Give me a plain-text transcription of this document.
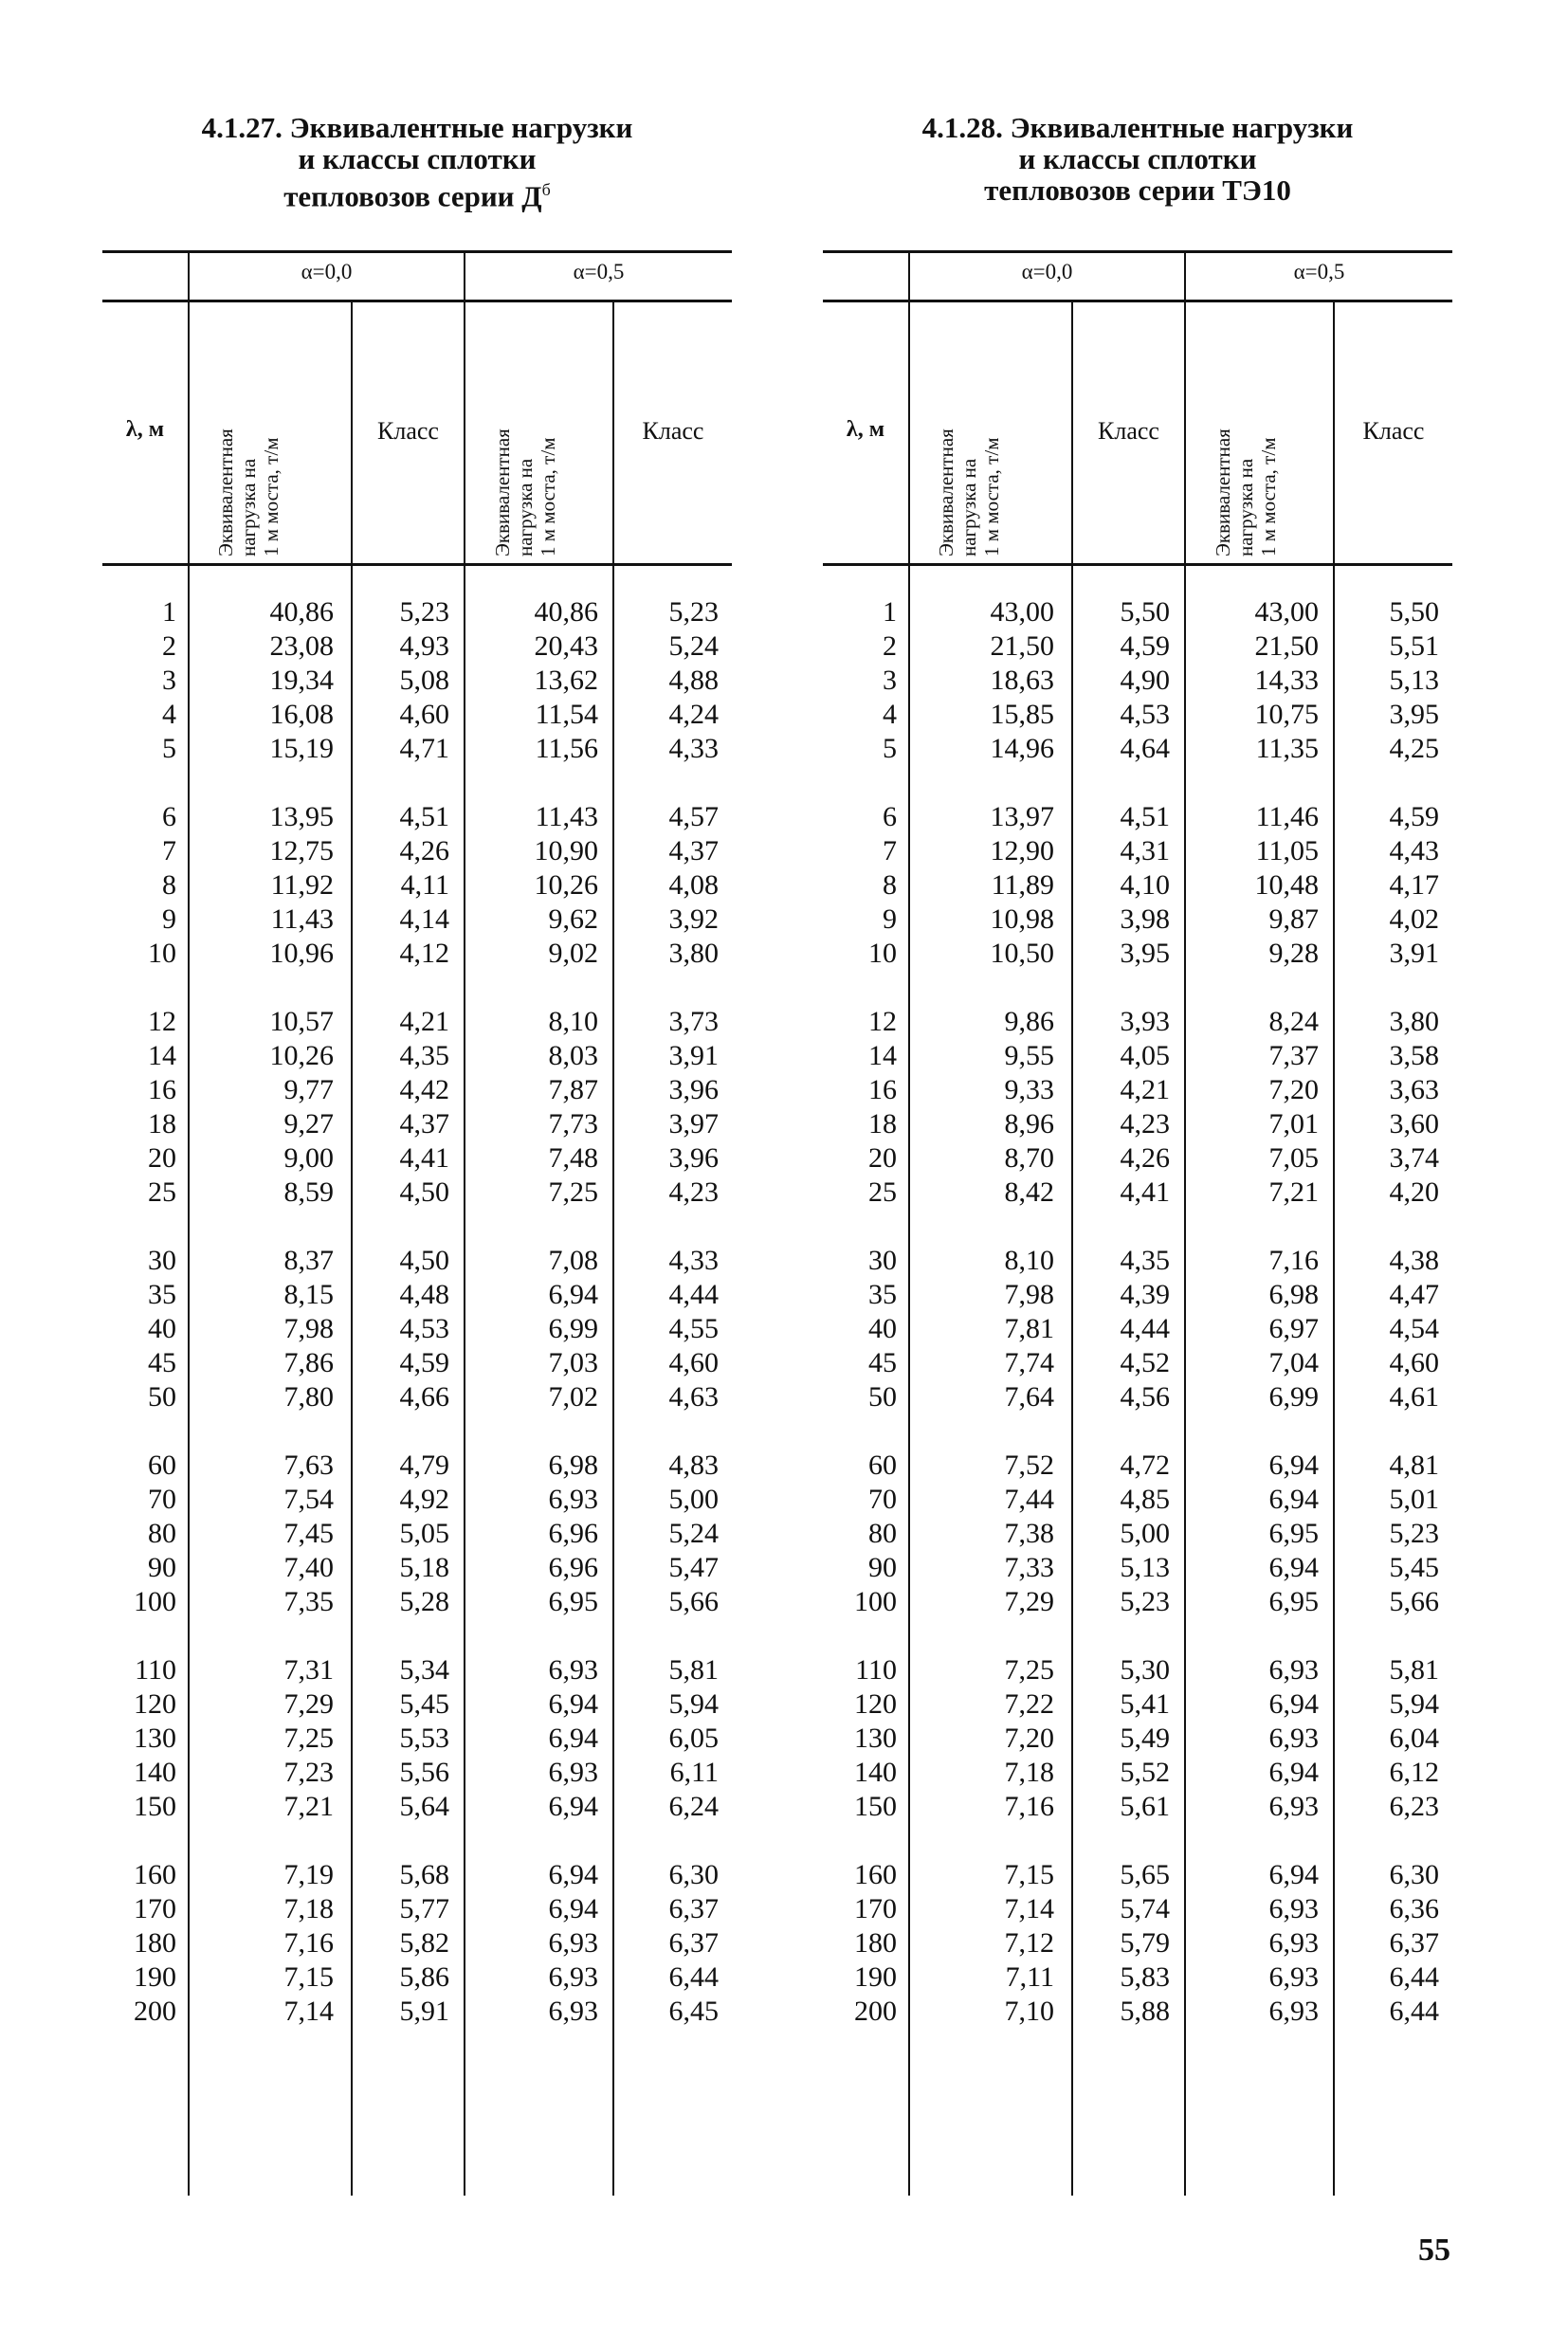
4.1.27. Эквивалентные нагрузки
и классы сплотки
тепловозов серии $Д^б$
α=0,0	α=0,5
λ, м	Эквивалентная нагрузка на 1 м моста, т/м	Эквивалентная нагрузка на 1 м моста, т/м
Класс	Класс
1	40,86	5,23	40,86	5,23
2	23,08	4,93	20,43	5,24
3	19,34	5,08	13,62	4,88
4	16,08	4,60	11,54	4,24
5	15,19	4,71	11,56	4,33
6	13,95	4,51	11,43	4,57
7	12,75	4,26	10,90	4,37
8	11,92	4,11	10,26	4,08
9	11,43	4,14	9,62	3,92
10	10,96	4,12	9,02	3,80
12	10,57	4,21	8,10	3,73
14	10,26	4,35	8,03	3,91
16	9,77	4,42	7,87	3,96
18	9,27	4,37	7,73	3,97
20	9,00	4,41	7,48	3,96
25	8,59	4,50	7,25	4,23
30	8,37	4,50	7,08	4,33
35	8,15	4,48	6,94	4,44
40	7,98	4,53	6,99	4,55
45	7,86	4,59	7,03	4,60
50	7,80	4,66	7,02	4,63
60	7,63	4,79	6,98	4,83
70	7,54	4,92	6,93	5,00
80	7,45	5,05	6,96	5,24
90	7,40	5,18	6,96	5,47
100	7,35	5,28	6,95	5,66
110	7,31	5,34	6,93	5,81
120	7,29	5,45	6,94	5,94
130	7,25	5,53	6,94	6,05
140	7,23	5,56	6,93	6,11
150	7,21	5,64	6,94	6,24
160	7,19	5,68	6,94	6,30
170	7,18	5,77	6,94	6,37
180	7,16	5,82	6,93	6,37
190	7,15	5,86	6,93	6,44
200	7,14	5,91	6,93	6,45
4.1.28. Эквивалентные нагрузки
и классы сплотки
тепловозов серии ТЭ10
α=0,0	α=0,5
λ, м	Эквивалентная нагрузка на 1 м моста, т/м	Эквивалентная нагрузка на 1 м моста, т/м
Класс	Класс
1	43,00	5,50	43,00	5,50
2	21,50	4,59	21,50	5,51
3	18,63	4,90	14,33	5,13
4	15,85	4,53	10,75	3,95
5	14,96	4,64	11,35	4,25
6	13,97	4,51	11,46	4,59
7	12,90	4,31	11,05	4,43
8	11,89	4,10	10,48	4,17
9	10,98	3,98	9,87	4,02
10	10,50	3,95	9,28	3,91
12	9,86	3,93	8,24	3,80
14	9,55	4,05	7,37	3,58
16	9,33	4,21	7,20	3,63
18	8,96	4,23	7,01	3,60
20	8,70	4,26	7,05	3,74
25	8,42	4,41	7,21	4,20
30	8,10	4,35	7,16	4,38
35	7,98	4,39	6,98	4,47
40	7,81	4,44	6,97	4,54
45	7,74	4,52	7,04	4,60
50	7,64	4,56	6,99	4,61
60	7,52	4,72	6,94	4,81
70	7,44	4,85	6,94	5,01
80	7,38	5,00	6,95	5,23
90	7,33	5,13	6,94	5,45
100	7,29	5,23	6,95	5,66
110	7,25	5,30	6,93	5,81
120	7,22	5,41	6,94	5,94
130	7,20	5,49	6,93	6,04
140	7,18	5,52	6,94	6,12
150	7,16	5,61	6,93	6,23
160	7,15	5,65	6,94	6,30
170	7,14	5,74	6,93	6,36
180	7,12	5,79	6,93	6,37
190	7,11	5,83	6,93	6,44
200	7,10	5,88	6,93	6,44
55
